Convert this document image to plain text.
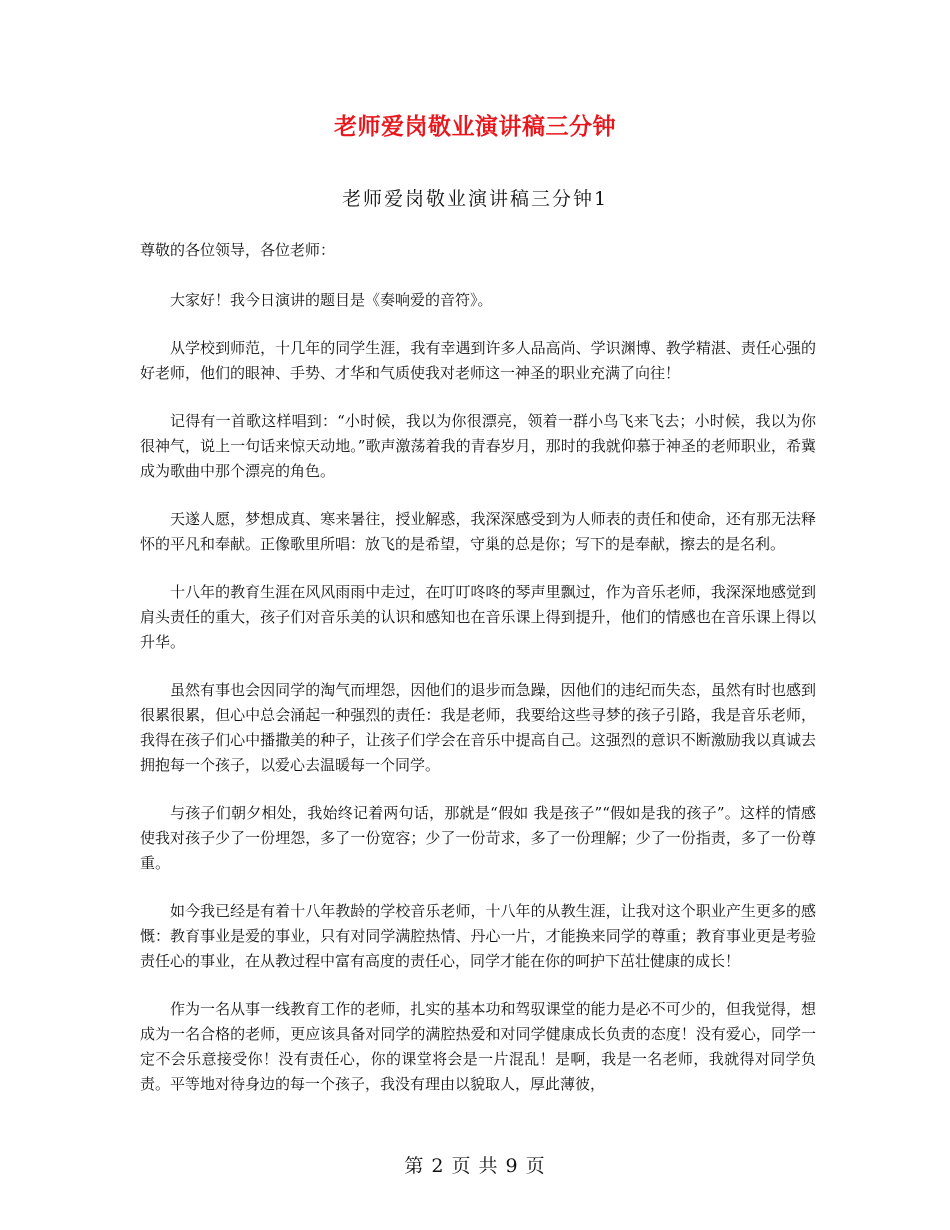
老师爱岗敬业演讲稿三分钟
老师爱岗敬业演讲稿三分钟1

尊敬的各位领导，各位老师：

大家好！我今日演讲的题目是《奏响爱的音符》。

从学校到师范，十几年的同学生涯，我有幸遇到许多人品高尚、学识渊博、教学精湛、责任心强的好老师，他们的眼神、手势、才华和气质使我对老师这一神圣的职业充满了向往！

记得有一首歌这样唱到：“小时候，我以为你很漂亮，领着一群小鸟飞来飞去；小时候，我以为你很神气，说上一句话来惊天动地。”歌声激荡着我的青春岁月，那时的我就仰慕于神圣的老师职业，希冀成为歌曲中那个漂亮的角色。

天遂人愿，梦想成真、寒来暑往，授业解惑，我深深感受到为人师表的责任和使命，还有那无法释怀的平凡和奉献。正像歌里所唱：放飞的是希望，守巢的总是你；写下的是奉献，擦去的是名利。

十八年的教育生涯在风风雨雨中走过，在叮叮咚咚的琴声里飘过，作为音乐老师，我深深地感觉到肩头责任的重大，孩子们对音乐美的认识和感知也在音乐课上得到提升，他们的情感也在音乐课上得以升华。

虽然有事也会因同学的淘气而埋怨，因他们的退步而急躁，因他们的违纪而失态，虽然有时也感到很累很累，但心中总会涌起一种强烈的责任：我是老师，我要给这些寻梦的孩子引路，我是音乐老师，我得在孩子们心中播撒美的种子，让孩子们学会在音乐中提高自己。这强烈的意识不断激励我以真诚去拥抱每一个孩子，以爱心去温暖每一个同学。

与孩子们朝夕相处，我始终记着两句话，那就是“假如 我是孩子”“假如是我的孩子”。这样的情感使我对孩子少了一份埋怨，多了一份宽容；少了一份苛求，多了一份理解；少了一份指责，多了一份尊重。

如今我已经是有着十八年教龄的学校音乐老师，十八年的从教生涯，让我对这个职业产生更多的感慨：教育事业是爱的事业，只有对同学满腔热情、丹心一片，才能换来同学的尊重；教育事业更是考验责任心的事业，在从教过程中富有高度的责任心，同学才能在你的呵护下茁壮健康的成长！

作为一名从事一线教育工作的老师，扎实的基本功和驾驭课堂的能力是必不可少的，但我觉得，想成为一名合格的老师，更应该具备对同学的满腔热爱和对同学健康成长负责的态度！没有爱心，同学一定不会乐意接受你！没有责任心，你的课堂将会是一片混乱！是啊，我是一名老师，我就得对同学负责。平等地对待身边的每一个孩子，我没有理由以貌取人，厚此薄彼，

第 2 页 共 9 页
